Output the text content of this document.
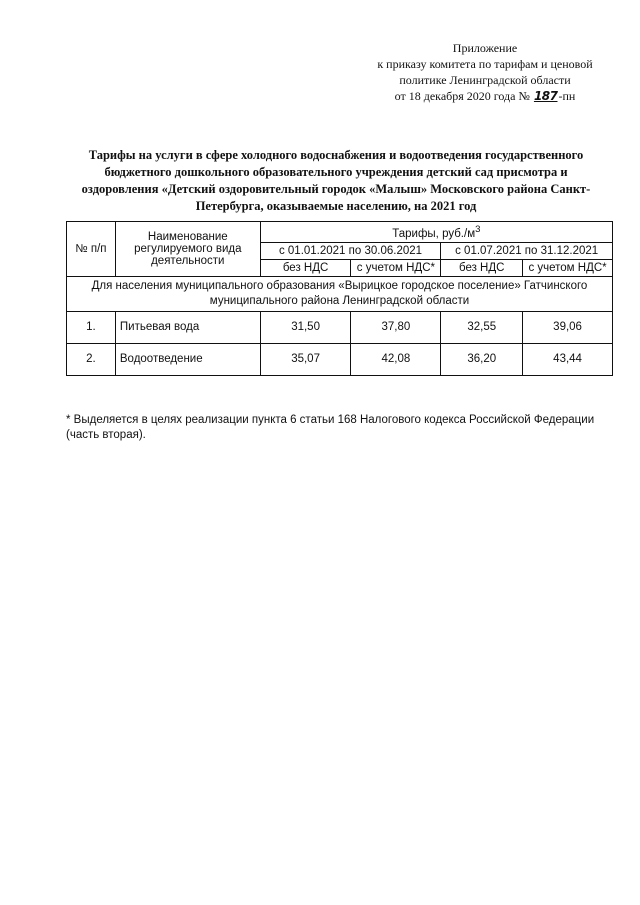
Приложение
к приказу комитета по тарифам и ценовой
политике Ленинградской области
от 18 декабря 2020 года № 187-пн
Тарифы на услуги в сфере холодного водоснабжения и водоотведения государственного бюджетного дошкольного образовательного учреждения детский сад присмотра и оздоровления «Детский оздоровительный городок «Малыш» Московского района Санкт-Петербурга, оказываемые населению, на 2021 год
№ п/п	Наименование регулируемого вида деятельности	Тарифы, $руб./м^3$
		с 01.01.2021 по 30.06.2021		с 01.07.2021 по 31.12.2021	
		без НДС	с учетом НДС*	без НДС	с учетом НДС*
Для населения муниципального образования «Вырицкое городское поселение» Гатчинского муниципального района Ленинградской области					
1.	Питьевая вода	31,50	37,80	32,55	39,06
2.	Водоотведение	35,07	42,08	36,20	43,44
* Выделяется в целях реализации пункта 6 статьи 168 Налогового кодекса Российской Федерации (часть вторая).
